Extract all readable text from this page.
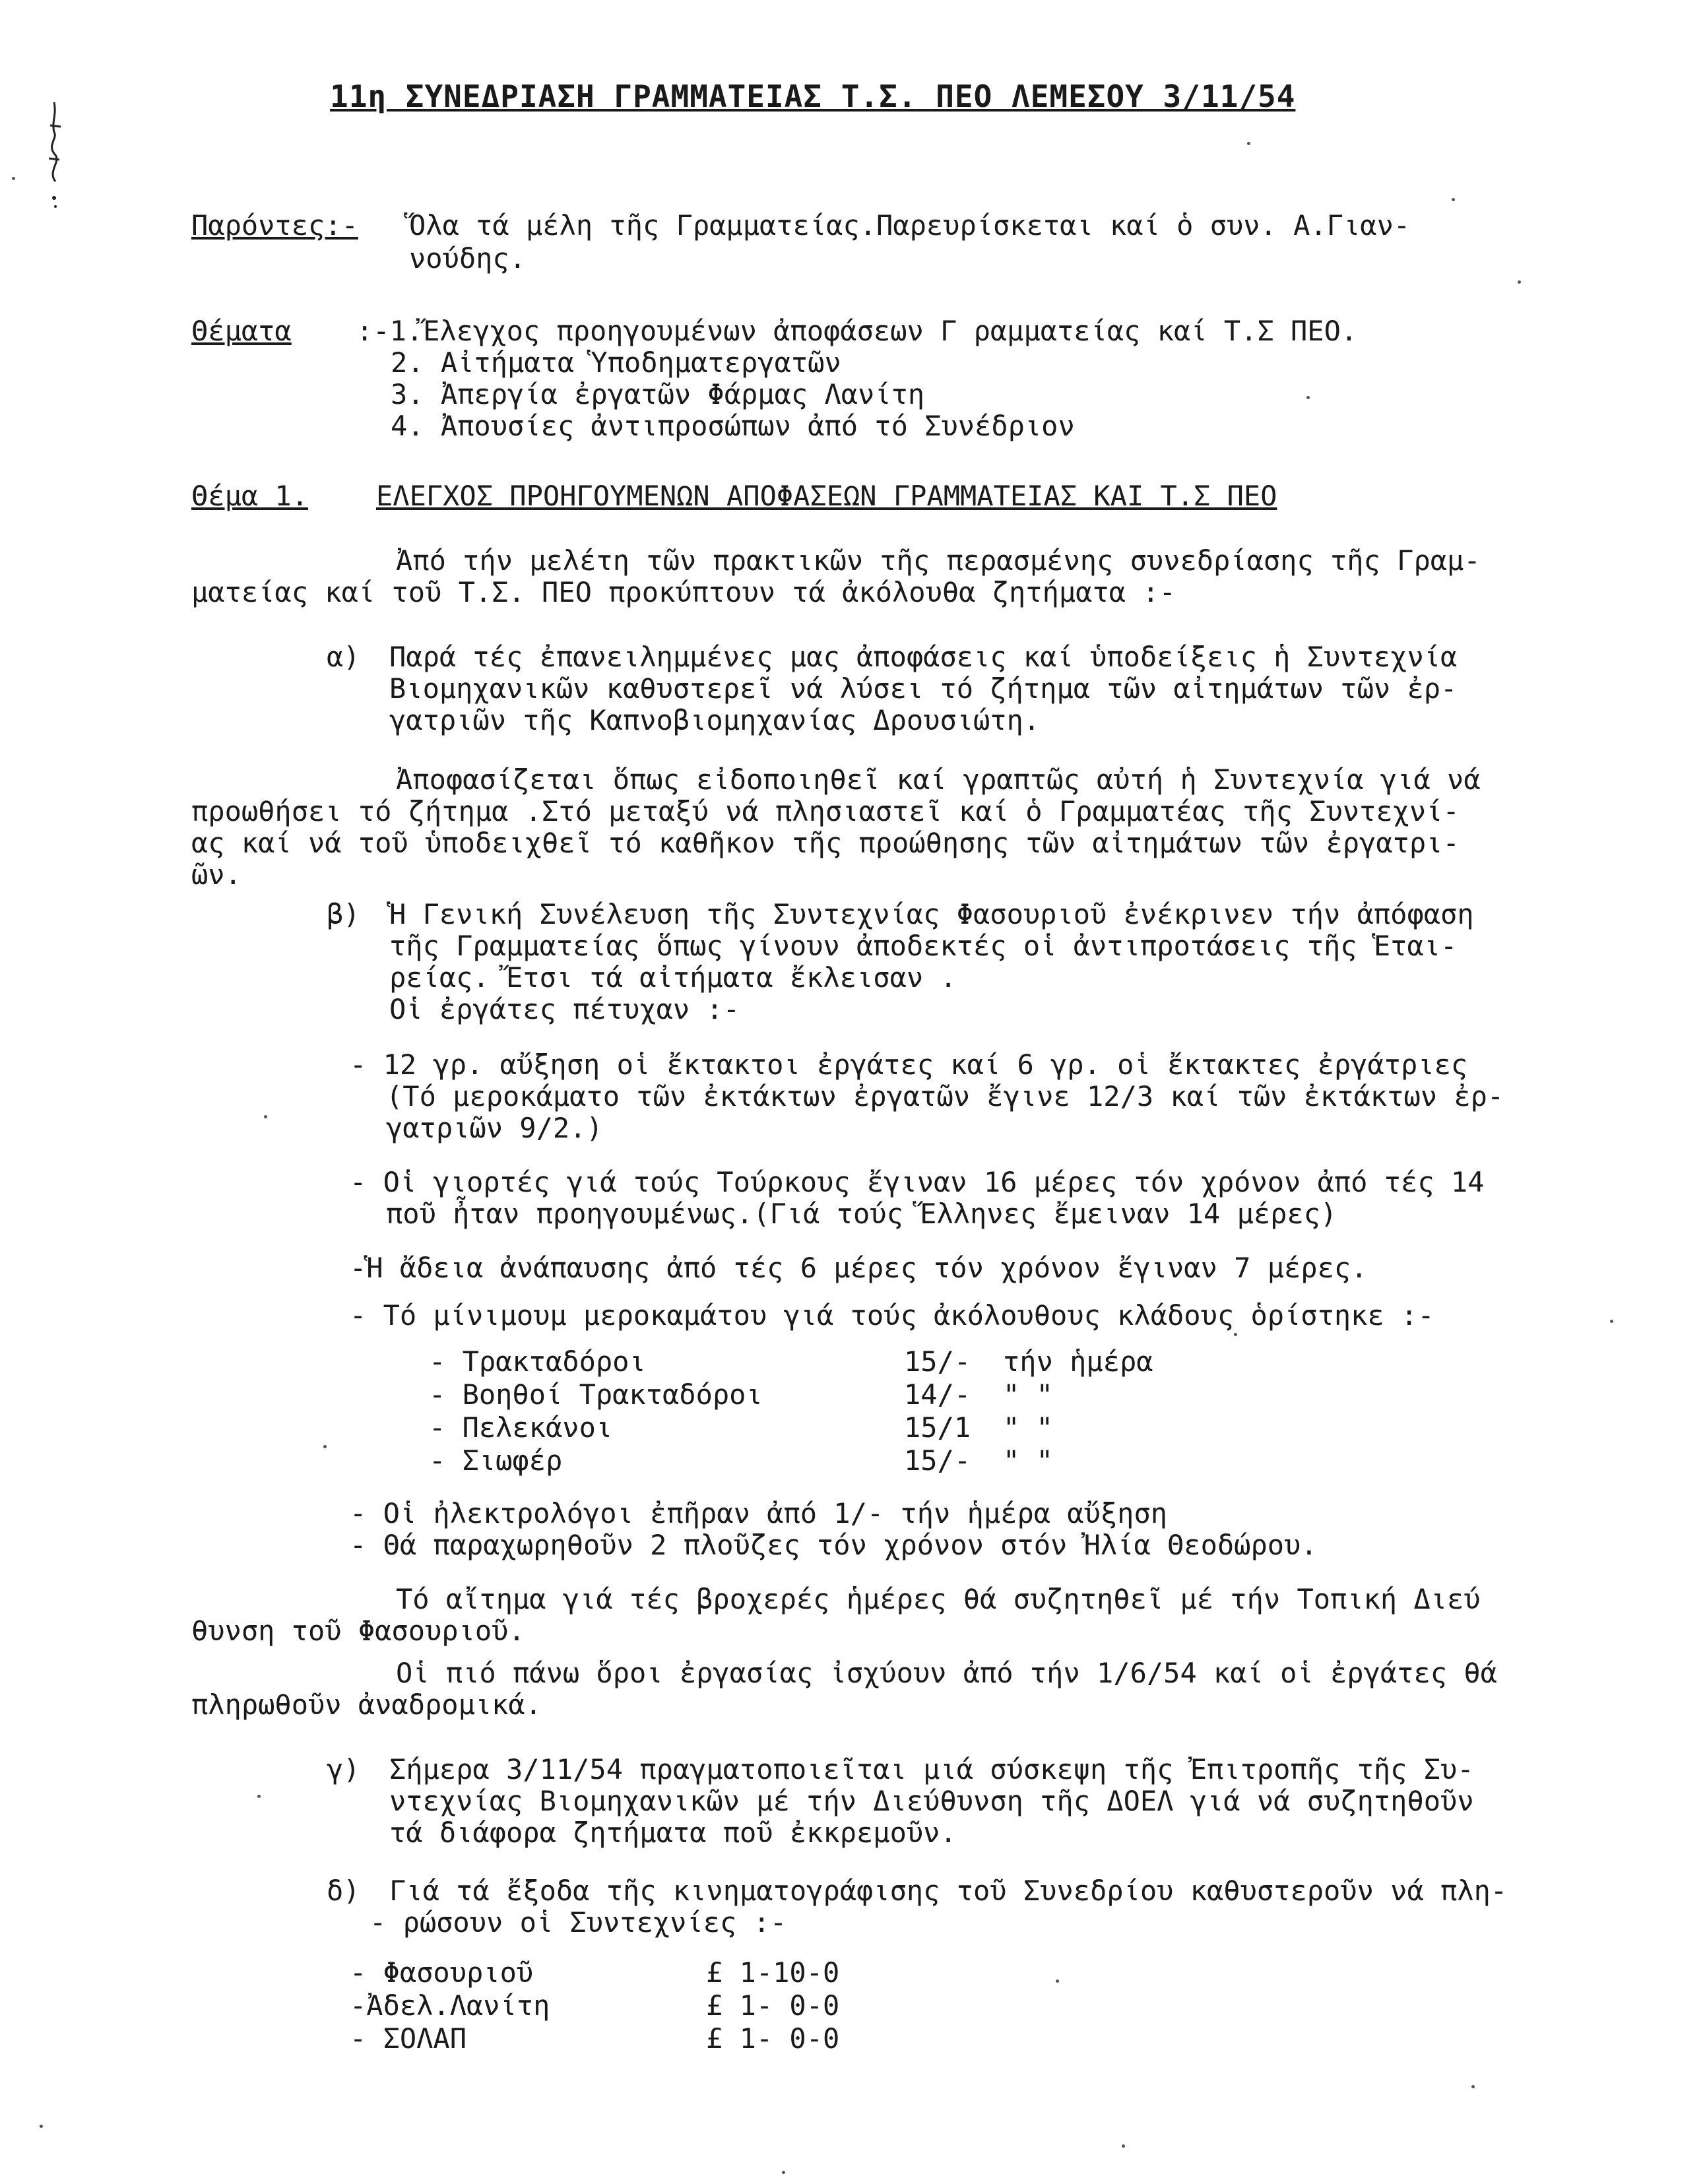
11η ΣΥΝΕΔΡΙΑΣΗ ΓΡΑΜΜΑΤΕΙΑΣ Τ.Σ. ΠΕΟ ΛΕΜΕΣΟΥ 3/11/54
Παρόντες:- Ὅλα τά μέλη τῆς Γραμματείας.Παρευρίσκεται καί ὁ συν. Α.Γιαν-
νούδης.
Θέματα :-1.Ἔλεγχος προηγουμένων ἀποφάσεων Γ ραμματείας καί Τ.Σ ΠΕΟ.
2. Αἰτήματα Ὑποδηματεργατῶν
3. Ἀπεργία ἐργατῶν Φάρμας Λανίτη
4. Ἀπουσίες ἀντιπροσώπων ἀπό τό Συνέδριον
Θέμα 1. ΕΛΕΓΧΟΣ ΠΡΟΗΓΟΥΜΕΝΩΝ ΑΠΟΦΑΣΕΩΝ ΓΡΑΜΜΑΤΕΙΑΣ ΚΑΙ Τ.Σ ΠΕΟ
Ἀπό τήν μελέτη τῶν πρακτικῶν τῆς περασμένης συνεδρίασης τῆς Γραμ-
ματείας καί τοῦ Τ.Σ. ΠΕΟ προκύπτουν τά ἀκόλουθα ζητήματα :-
α) Παρά τές ἐπανειλημμένες μας ἀποφάσεις καί ὑποδείξεις ἡ Συντεχνία
Βιομηχανικῶν καθυστερεῖ νά λύσει τό ζήτημα τῶν αἰτημάτων τῶν ἐρ-
γατριῶν τῆς Καπνοβιομηχανίας Δρουσιώτη.
Ἀποφασίζεται ὅπως εἰδοποιηθεῖ καί γραπτῶς αὐτή ἡ Συντεχνία γιά νά
προωθήσει τό ζήτημα .Στό μεταξύ νά πλησιαστεῖ καί ὁ Γραμματέας τῆς Συντεχνί-
ας καί νά τοῦ ὑποδειχθεῖ τό καθῆκον τῆς προώθησης τῶν αἰτημάτων τῶν ἐργατρι-
ῶν.
β) Ἡ Γενική Συνέλευση τῆς Συντεχνίας Φασουριοῦ ἐνέκρινεν τήν ἀπόφαση
τῆς Γραμματείας ὅπως γίνουν ἀποδεκτές οἱ ἀντιπροτάσεις τῆς Ἑται-
ρείας. Ἔτσι τά αἰτήματα ἔκλεισαν .
Οἱ ἐργάτες πέτυχαν :-
- 12 γρ. αὔξηση οἱ ἔκτακτοι ἐργάτες καί 6 γρ. οἱ ἔκτακτες ἐργάτριες
(Τό μεροκάματο τῶν ἐκτάκτων ἐργατῶν ἔγινε 12/3 καί τῶν ἐκτάκτων ἐρ-
γατριῶν 9/2.)
- Οἱ γιορτές γιά τούς Τούρκους ἔγιναν 16 μέρες τόν χρόνον ἀπό τές 14
ποῦ ἦταν προηγουμένως.(Γιά τούς Ἕλληνες ἔμειναν 14 μέρες)
-Ἡ ἄδεια ἀνάπαυσης ἀπό τές 6 μέρες τόν χρόνον ἔγιναν 7 μέρες.
- Τό μίνιμουμ μεροκαμάτου γιά τούς ἀκόλουθους κλάδους ὁρίστηκε :-
- Τρακταδόροι	15/- τήν ἡμέρα
- Βοηθοί Τρακταδόροι	14/- " "
- Πελεκάνοι	15/1 " "
- Σιωφέρ	15/- " "
- Οἱ ἠλεκτρολόγοι ἐπῆραν ἀπό 1/- τήν ἡμέρα αὔξηση
- Θά παραχωρηθοῦν 2 πλοῦζες τόν χρόνον στόν Ἠλία Θεοδώρου.
Τό αἴτημα γιά τές βροχερές ἡμέρες θά συζητηθεῖ μέ τήν Τοπική Διεύ
θυνση τοῦ Φασουριοῦ.
Οἱ πιό πάνω ὅροι ἐργασίας ἰσχύουν ἀπό τήν 1/6/54 καί οἱ ἐργάτες θά
πληρωθοῦν ἀναδρομικά.
γ) Σήμερα 3/11/54 πραγματοποιεῖται μιά σύσκεψη τῆς Ἐπιτροπῆς τῆς Συ-
ντεχνίας Βιομηχανικῶν μέ τήν Διεύθυνση τῆς ΔΟΕΛ γιά νά συζητηθοῦν
τά διάφορα ζητήματα ποῦ ἐκκρεμοῦν.
δ) Γιά τά ἔξοδα τῆς κινηματογράφισης τοῦ Συνεδρίου καθυστεροῦν νά πλη-
- ρώσουν οἱ Συντεχνίες :-
- Φασουριοῦ	£ 1-10-0
-Ἀδελ.Λανίτη	£ 1- 0-0
- ΣΟΛΑΠ	£ 1- 0-0
